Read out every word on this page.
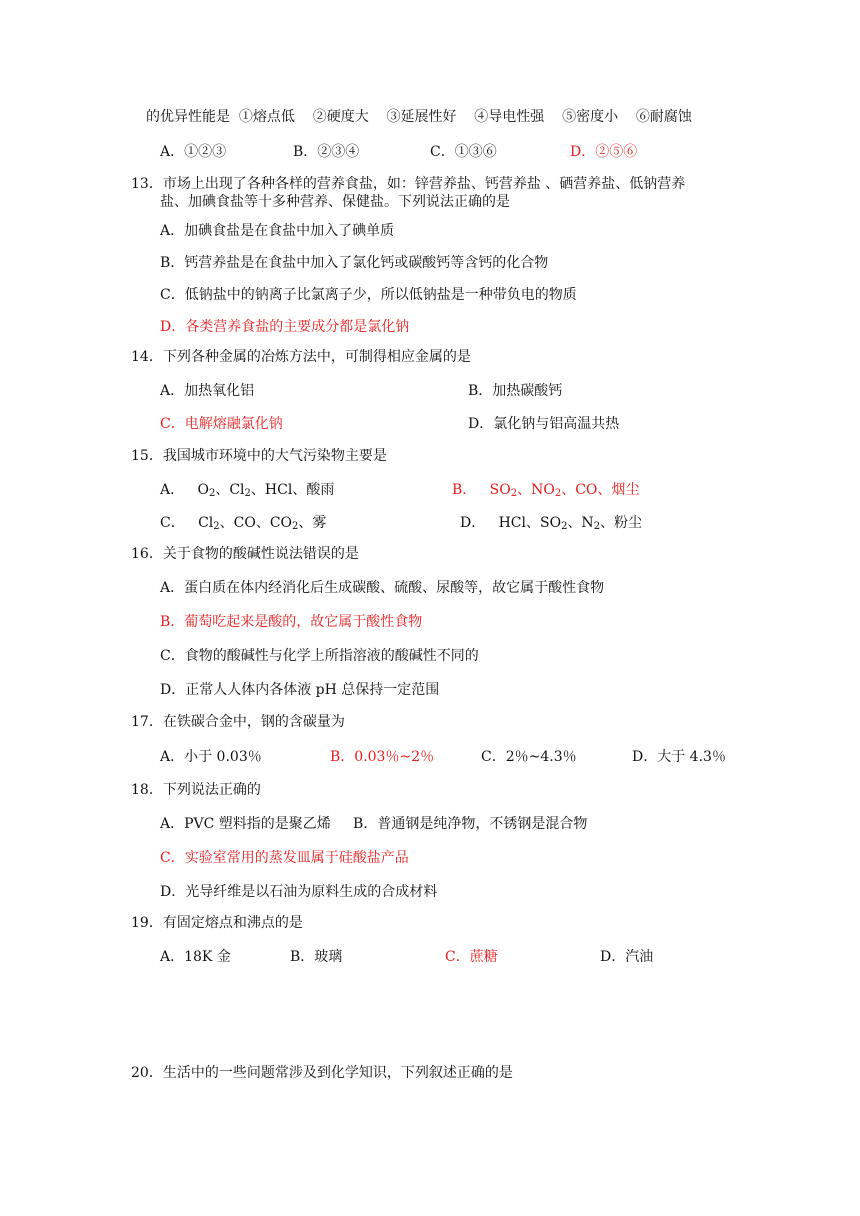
的优异性能是  ①熔点低    ②硬度大    ③延展性好    ④导电性强    ⑤密度小    ⑥耐腐蚀
A．①②③	B．②③④	C．①③⑥	D．②⑤⑥
13．市场上出现了各种各样的营养食盐，如：锌营养盐、钙营养盐 、硒营养盐、低钠营养
盐、加碘食盐等十多种营养、保健盐。下列说法正确的是
A．加碘食盐是在食盐中加入了碘单质
B．钙营养盐是在食盐中加入了氯化钙或碳酸钙等含钙的化合物
C．低钠盐中的钠离子比氯离子少，所以低钠盐是一种带负电的物质
D．各类营养食盐的主要成分都是氯化钠
14．下列各种金属的冶炼方法中，可制得相应金属的是
A．加热氧化铝	B．加热碳酸钙
C．电解熔融氯化钠	D．氯化钠与铝高温共热
15．我国城市环境中的大气污染物主要是
A． $O_2$、$Cl_2$、HCl、酸雨	B． $SO_2$、$NO_2$、CO、烟尘
C． $Cl_2$、CO、$CO_2$、雾	D． HCl、$SO_2$、$N_2$、粉尘
16．关于食物的酸碱性说法错误的是
A．蛋白质在体内经消化后生成碳酸、硫酸、尿酸等，故它属于酸性食物
B．葡萄吃起来是酸的，故它属于酸性食物
C．食物的酸碱性与化学上所指溶液的酸碱性不同的
D．正常人人体内各体液 pH 总保持一定范围
17．在铁碳合金中，钢的含碳量为
A．小于 0.03％	B．0.03％~2％	C．2％~4.3％	D．大于 4.3％
18．下列说法正确的
A．PVC 塑料指的是聚乙烯     B．普通钢是纯净物，不锈钢是混合物
C．实验室常用的蒸发皿属于硅酸盐产品
D．光导纤维是以石油为原料生成的合成材料
19．有固定熔点和沸点的是
A．18K 金	B．玻璃	C．蔗糖	D．汽油
20．生活中的一些问题常涉及到化学知识，下列叙述正确的是
